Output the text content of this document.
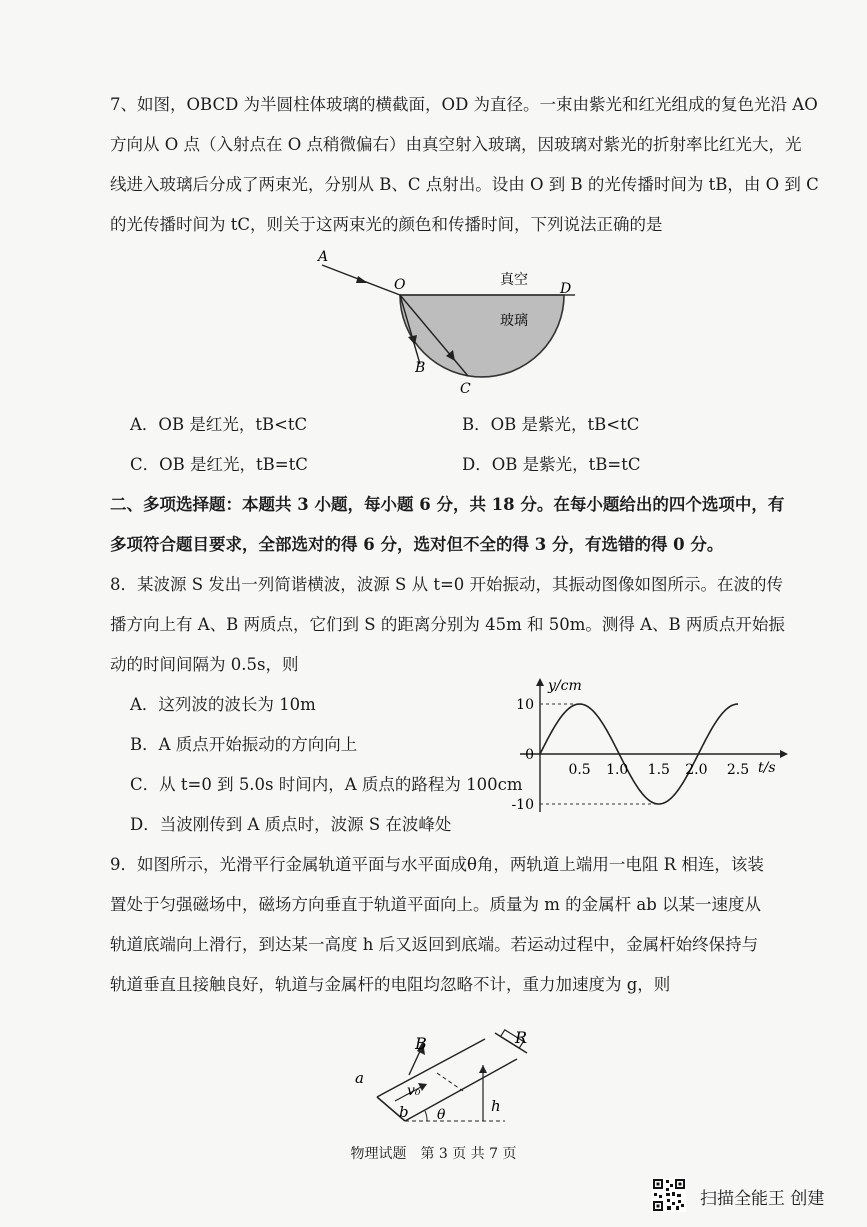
7、如图，OBCD 为半圆柱体玻璃的横截面，OD 为直径。一束由紫光和红光组成的复色光沿 AO
方向从 O 点（入射点在 O 点稍微偏右）由真空射入玻璃，因玻璃对紫光的折射率比红光大，光
线进入玻璃后分成了两束光，分别从 B、C 点射出。设由 O 到 B 的光传播时间为 tB，由 O 到 C
的光传播时间为 tC，则关于这两束光的颜色和传播时间，下列说法正确的是
A
O	D
B
C
真空
玻璃
A．OB 是红光，tB<tC	B．OB 是紫光，tB<tC
C．OB 是红光，tB=tC	D．OB 是紫光，tB=tC
二、多项选择题：本题共 3 小题，每小题 6 分，共 18 分。在每小题给出的四个选项中，有
多项符合题目要求，全部选对的得 6 分，选对但不全的得 3 分，有选错的得 0 分。
8．某波源 S 发出一列简谐横波，波源 S 从 t=0 开始振动，其振动图像如图所示。在波的传
播方向上有 A、B 两质点，它们到 S 的距离分别为 45m 和 50m。测得 A、B 两质点开始振
动的时间间隔为 0.5s，则
A．这列波的波长为 10m
B．A 质点开始振动的方向向上
C．从 t=0 到 5.0s 时间内，A 质点的路程为 100cm
D．当波刚传到 A 质点时，波源 S 在波峰处
y/cm
t/s
10
0
-10
0.5 1.0 1.5 2.0 2.5
9．如图所示，光滑平行金属轨道平面与水平面成θ角，两轨道上端用一电阻 R 相连，该装
置处于匀强磁场中，磁场方向垂直于轨道平面向上。质量为 m 的金属杆 ab 以某一速度从
轨道底端向上滑行，到达某一高度 h 后又返回到底端。若运动过程中，金属杆始终保持与
轨道垂直且接触良好，轨道与金属杆的电阻均忽略不计，重力加速度为 g，则
B	R
a
b
v₀
h
θ
物理试题　第 3 页 共 7 页
扫描全能王 创建
